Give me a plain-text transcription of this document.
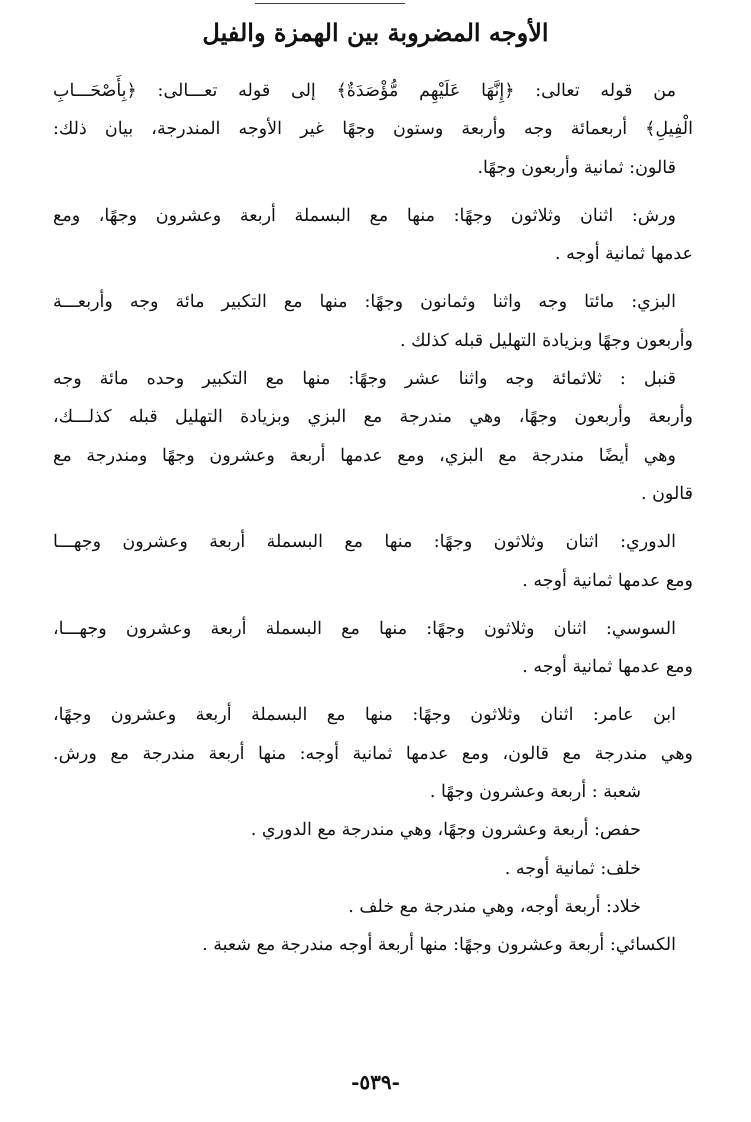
الأوجه المضروبة بين الهمزة والفيل
من قوله تعالى: ﴿إِنَّهَا عَلَيْهِم مُّؤْصَدَةٌ﴾ إلى قوله تعـــالى: ﴿بِأَصْحَـــابِ
الْفِيلِ﴾ أربعمائة وجه وأربعة وستون وجهًا غير الأوجه المندرجة، بيان ذلك:
قالون: ثمانية وأربعون وجهًا.
ورش: اثنان وثلاثون وجهًا: منها مع البسملة أربعة وعشرون وجهًا، ومع
عدمها ثمانية أوجه .
البزي: مائتا وجه واثنا وثمانون وجهًا: منها مع التكبير مائة وجه وأربعـــة
وأربعون وجهًا وبزيادة التهليل قبله كذلك .
قنبل : ثلاثمائة وجه واثنا عشر وجهًا: منها مع التكبير وحده مائة وجه
وأربعة وأربعون وجهًا، وهي مندرجة مع البزي وبزيادة التهليل قبله كذلـــك،
وهي أيضًا مندرجة مع البزي، ومع عدمها أربعة وعشرون وجهًا ومندرجة مع
قالون .
الدوري: اثنان وثلاثون وجهًا: منها مع البسملة أربعة وعشرون وجهـــا
ومع عدمها ثمانية أوجه .
السوسي: اثنان وثلاثون وجهًا: منها مع البسملة أربعة وعشرون وجهـــا،
ومع عدمها ثمانية أوجه .
ابن عامر: اثنان وثلاثون وجهًا: منها مع البسملة أربعة وعشرون وجهًا،
وهي مندرجة مع قالون، ومع عدمها ثمانية أوجه: منها أربعة مندرجة مع ورش.
شعبة : أربعة وعشرون وجهًا .
حفص: أربعة وعشرون وجهًا، وهي مندرجة مع الدوري .
خلف: ثمانية أوجه .
خلاد: أربعة أوجه، وهي مندرجة مع خلف .
الكسائي: أربعة وعشرون وجهًا: منها أربعة أوجه مندرجة مع شعبة .
-٥٣٩-
